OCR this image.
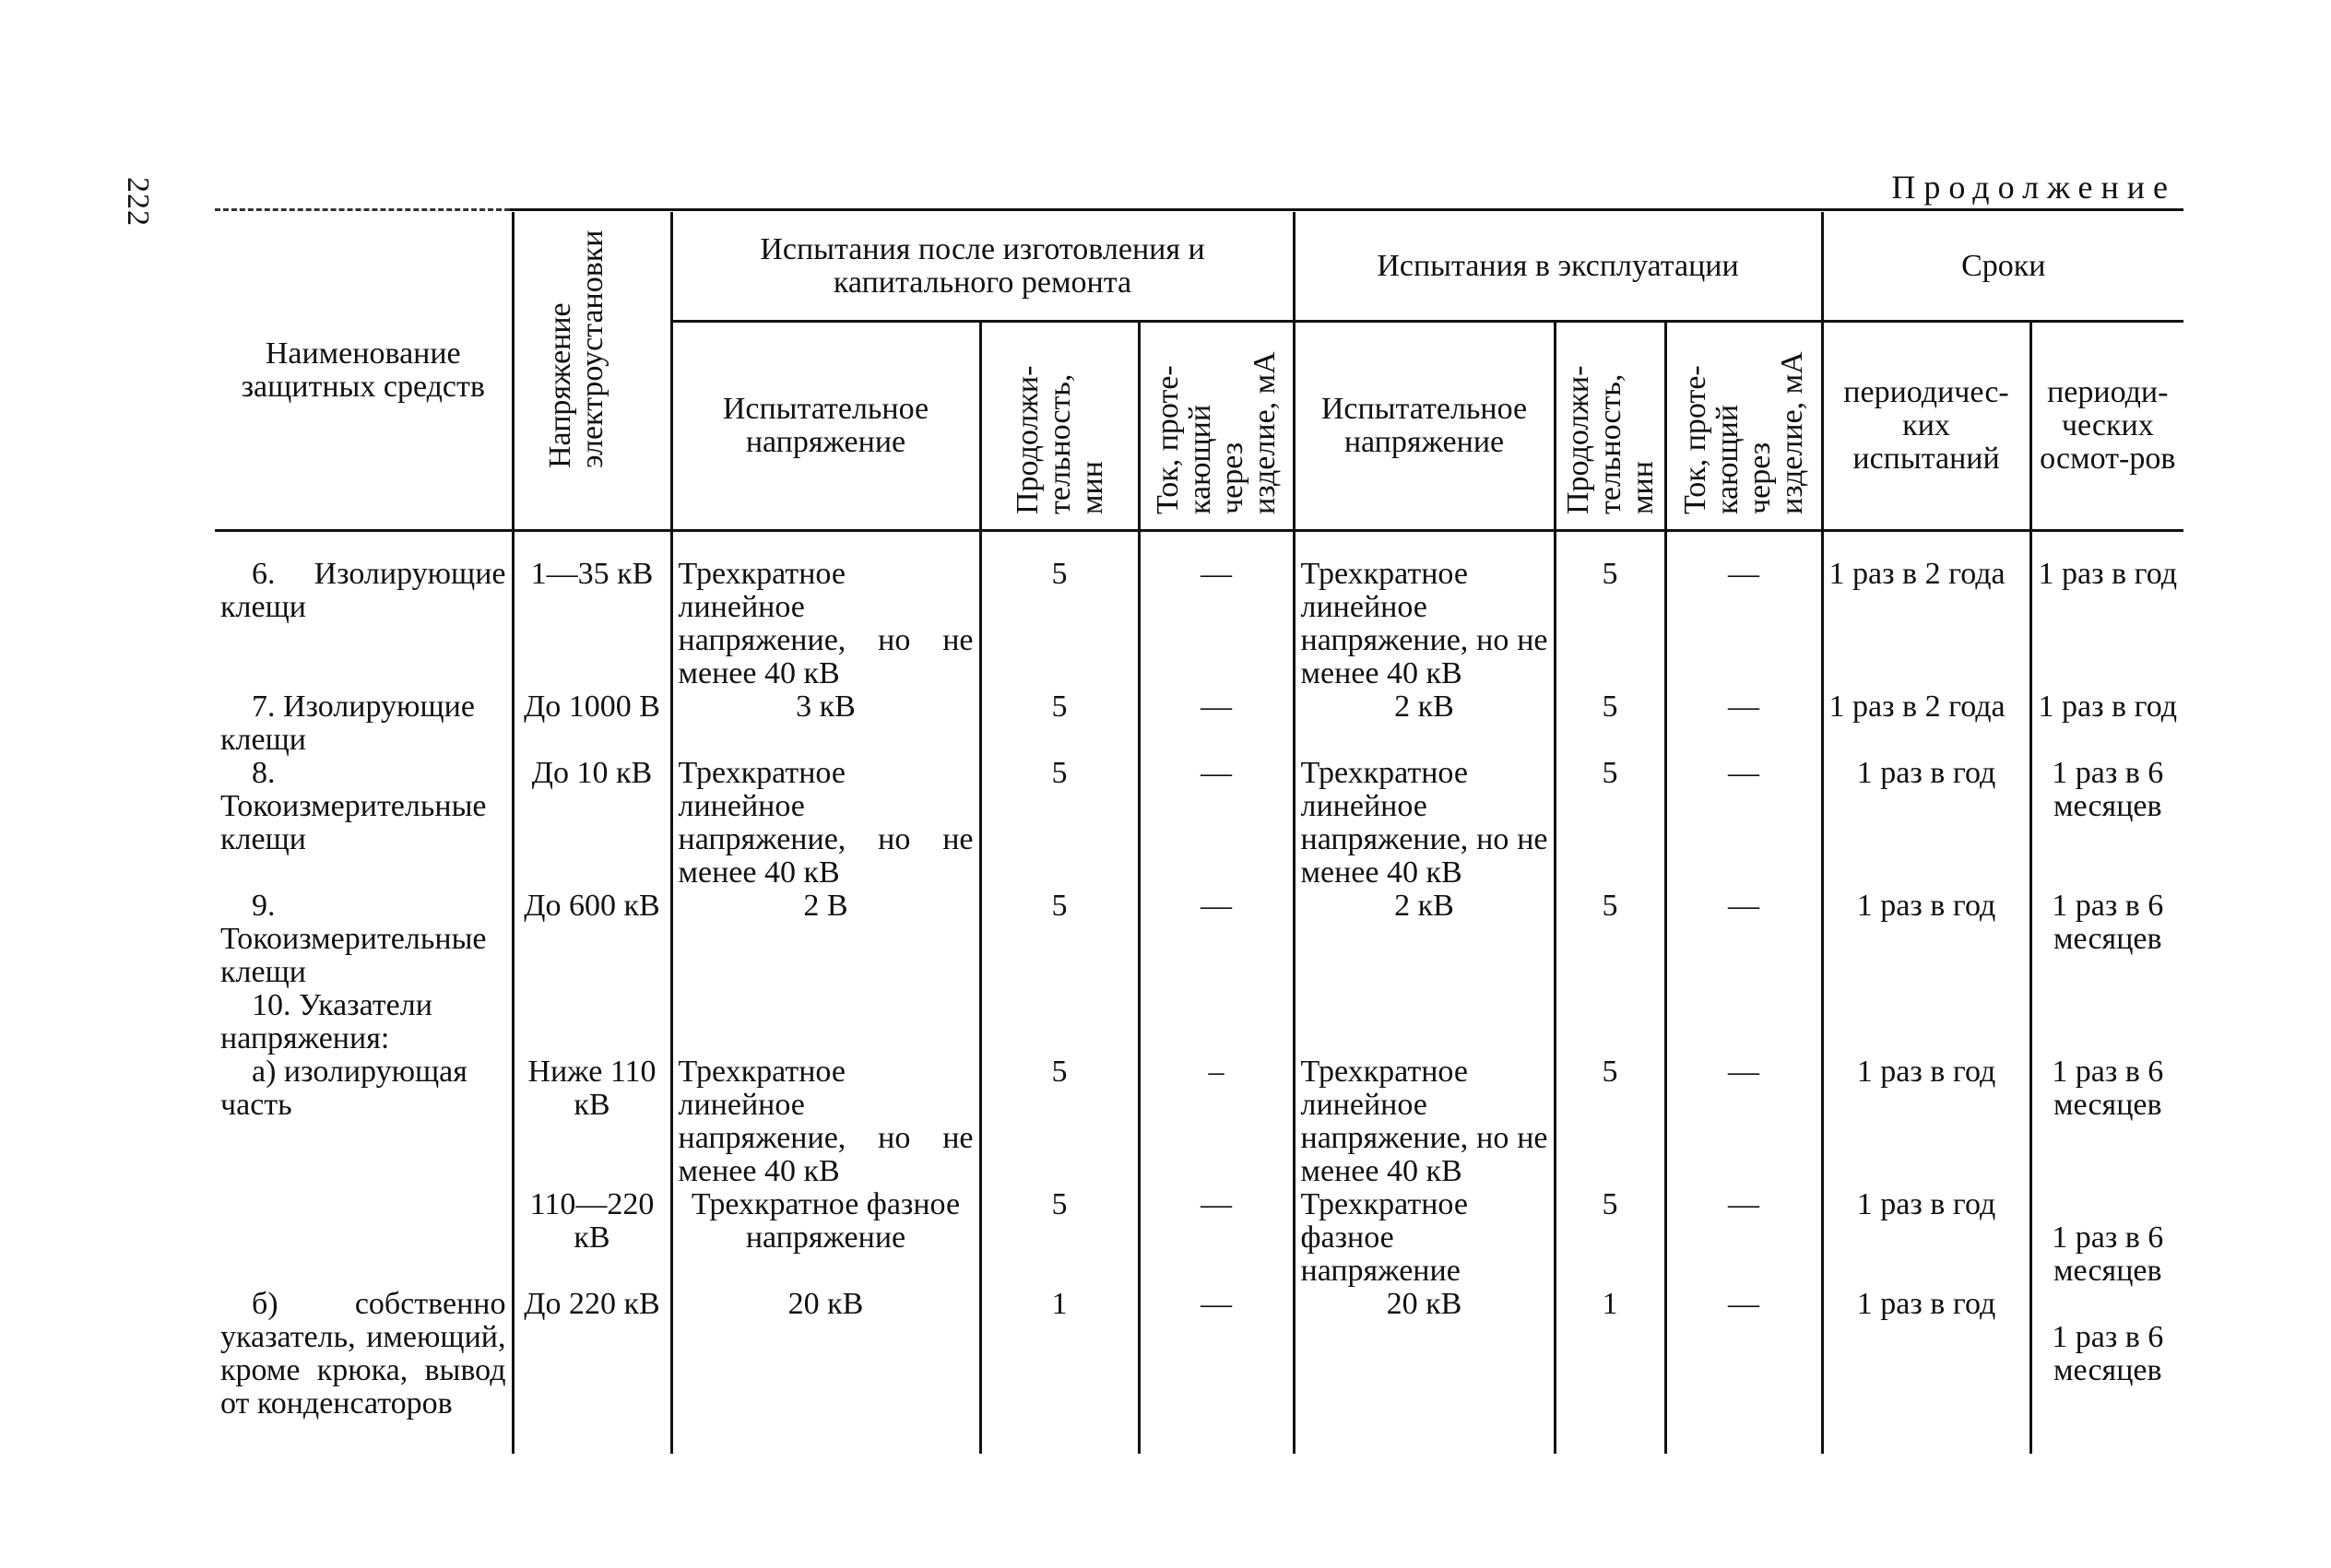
222	Продолжение
Наименование защитных средств	Напряжение электроустановки	Испытания после изготовления и капитального ремонта			Испытания в эксплуатации			Сроки	
		Испытательное напряжение	Продолжи-тельность, мин	Ток, проте-кающий через изделие, мА	Испытательное напряжение	Продолжи-тельность, мин	Ток, проте-кающий через изделие, мА	периодичес-ких испытаний	периоди-ческих осмот-ров

6. Изолирующие клещи	1—35 кВ	Трехкратное линейное напряжение, но не менее 40 кВ	5	—	Трехкратное линейное напряжение, но не менее 40 кВ	5	—	1 раз в 2 года	1 раз в год

7. Изолирующие клещи	До 1000 В	3 кВ	5	—	2 кВ	5	—	1 раз в 2 года	1 раз в год

8. Токоизмерительные клещи	До 10 кВ	Трехкратное линейное напряжение, но не менее 40 кВ	5	—	Трехкратное линейное напряжение, но не менее 40 кВ	5	—	1 раз в год	1 раз в 6 месяцев

9. Токоизмерительные клещи	До 600 кВ	2 В	5	—	2 кВ	5	—	1 раз в год	1 раз в 6 месяцев

10. Указатели напряжения:									

а) изолирующая часть	Ниже 110 кВ	Трехкратное линейное напряжение, но не менее 40 кВ	5	–	Трехкратное линейное напряжение, но не менее 40 кВ	5	—	1 раз в год	1 раз в 6 месяцев

	110—220 кВ	Трехкратное фазное напряжение	5	—	Трехкратное фазное напряжение	5	—	1 раз в год	1 раз в 6 месяцев

б) собственно указатель, имеющий, кроме крюка, вывод от конденсаторов	До 220 кВ	20 кВ	1	—	20 кВ	1	—	1 раз в год	1 раз в 6 месяцев
